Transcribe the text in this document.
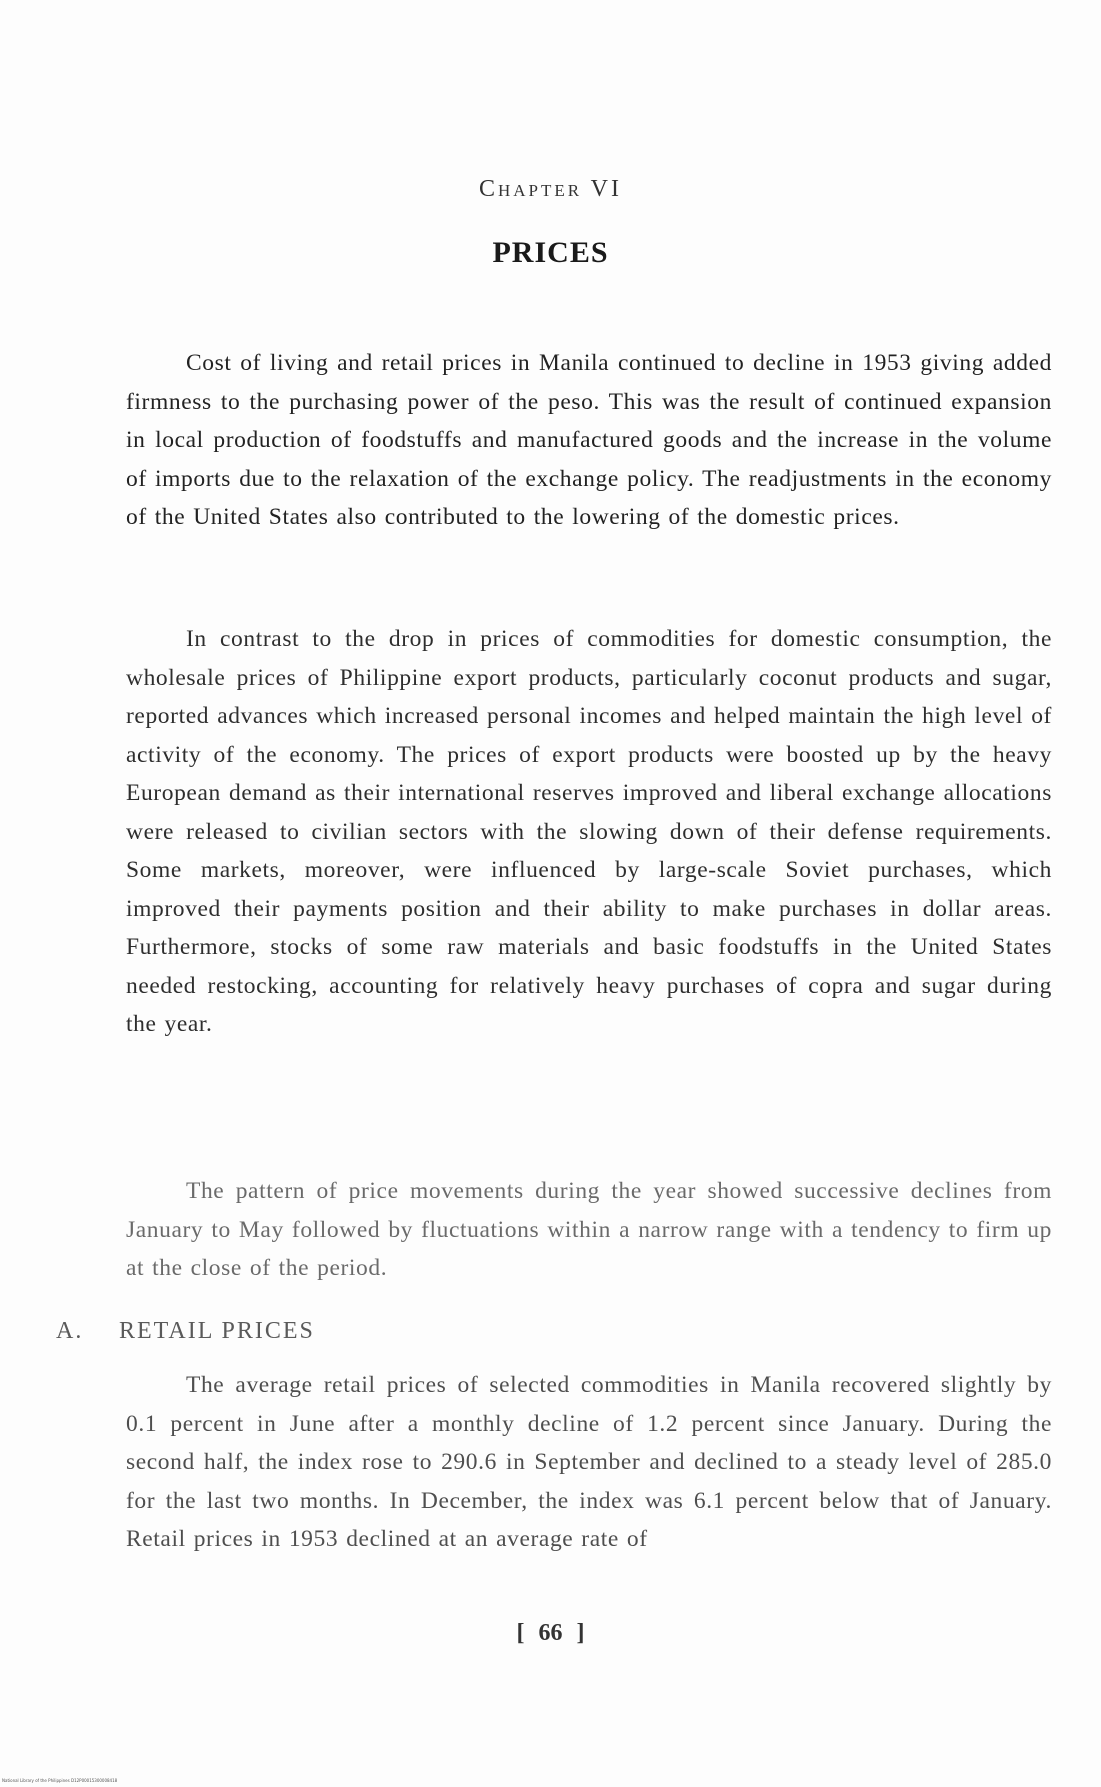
Chapter VI
PRICES

Cost of living and retail prices in Manila continued to decline in 1953 giving added firmness to the purchasing power of the peso. This was the result of continued expansion in local production of foodstuffs and manufactured goods and the increase in the volume of imports due to the relaxation of the exchange policy. The readjustments in the economy of the United States also contributed to the lowering of the domestic prices.

In contrast to the drop in prices of commodities for domestic consumption, the wholesale prices of Philippine export products, particularly coconut products and sugar, reported advances which increased personal incomes and helped maintain the high level of activity of the economy. The prices of export products were boosted up by the heavy European demand as their international reserves improved and liberal exchange allocations were released to civilian sectors with the slowing down of their defense requirements. Some markets, moreover, were influenced by large-scale Soviet purchases, which improved their payments position and their ability to make purchases in dollar areas. Furthermore, stocks of some raw materials and basic foodstuffs in the United States needed restocking, accounting for relatively heavy purchases of copra and sugar during the year.

The pattern of price movements during the year showed successive declines from January to May followed by fluctuations within a narrow range with a tendency to firm up at the close of the period.

A. RETAIL PRICES

The average retail prices of selected commodities in Manila recovered slightly by 0.1 percent in June after a monthly decline of 1.2 percent since January. During the second half, the index rose to 290.6 in September and declined to a steady level of 285.0 for the last two months. In December, the index was 6.1 percent below that of January. Retail prices in 1953 declined at an average rate of

[ 66 ]
National Library of the Philippines D12P00015300008418
